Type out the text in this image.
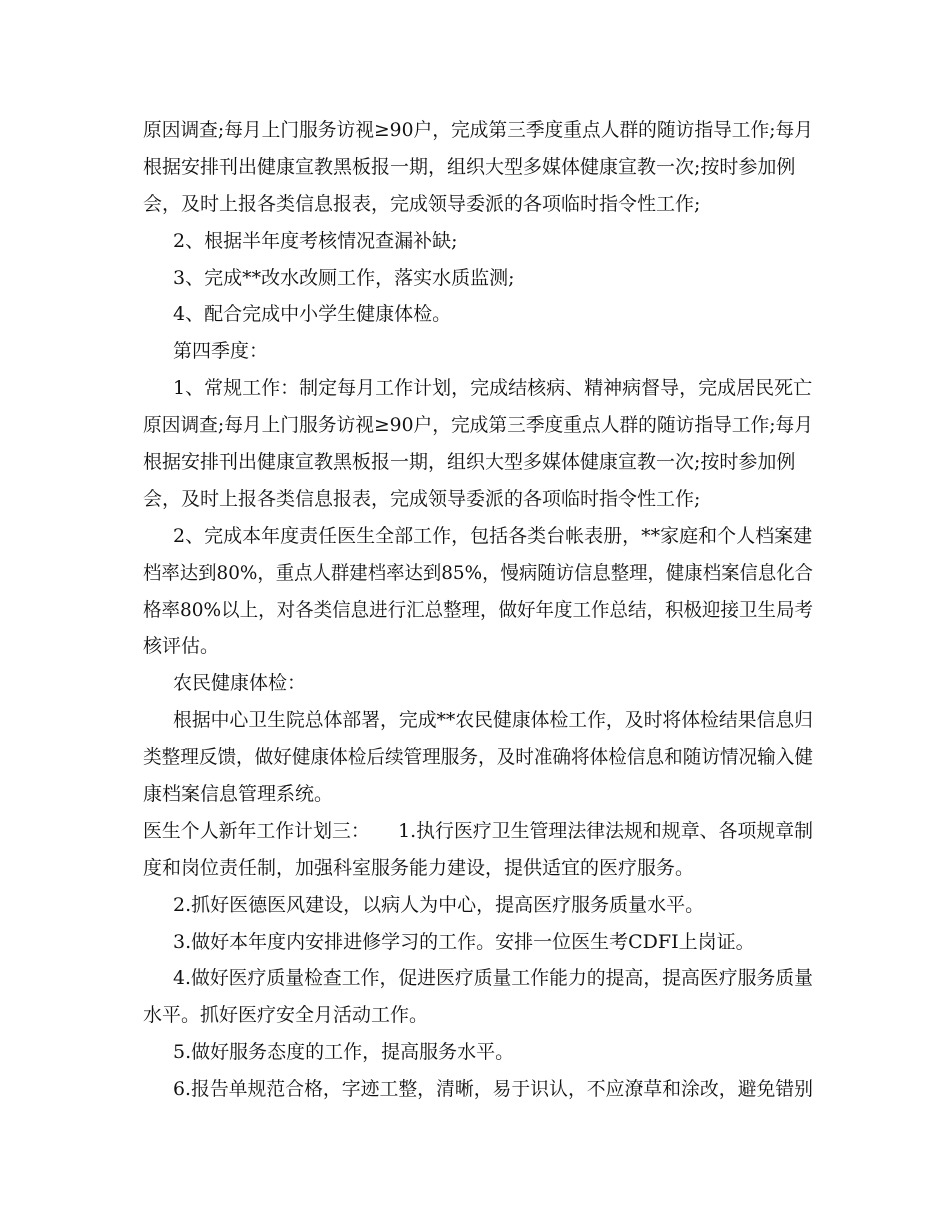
原因调查;每月上门服务访视≥90户，完成第三季度重点人群的随访指导工作;每月
根据安排刊出健康宣教黑板报一期，组织大型多媒体健康宣教一次;按时参加例
会，及时上报各类信息报表，完成领导委派的各项临时指令性工作;
2、根据半年度考核情况查漏补缺;
3、完成**改水改厕工作，落实水质监测;
4、配合完成中小学生健康体检。
第四季度：
1、常规工作：制定每月工作计划，完成结核病、精神病督导，完成居民死亡
原因调查;每月上门服务访视≥90户，完成第三季度重点人群的随访指导工作;每月
根据安排刊出健康宣教黑板报一期，组织大型多媒体健康宣教一次;按时参加例
会，及时上报各类信息报表，完成领导委派的各项临时指令性工作;
2、完成本年度责任医生全部工作，包括各类台帐表册，**家庭和个人档案建
档率达到80%，重点人群建档率达到85%，慢病随访信息整理，健康档案信息化合
格率80%以上，对各类信息进行汇总整理，做好年度工作总结，积极迎接卫生局考
核评估。
农民健康体检：
根据中心卫生院总体部署，完成**农民健康体检工作，及时将体检结果信息归
类整理反馈，做好健康体检后续管理服务，及时准确将体检信息和随访情况输入健
康档案信息管理系统。
医生个人新年工作计划三：　　1.执行医疗卫生管理法律法规和规章、各项规章制
度和岗位责任制，加强科室服务能力建设，提供适宜的医疗服务。
2.抓好医德医风建设，以病人为中心，提高医疗服务质量水平。
3.做好本年度内安排进修学习的工作。安排一位医生考CDFI上岗证。
4.做好医疗质量检查工作，促进医疗质量工作能力的提高，提高医疗服务质量
水平。抓好医疗安全月活动工作。
5.做好服务态度的工作，提高服务水平。
6.报告单规范合格，字迹工整，清晰，易于识认，不应潦草和涂改，避免错别
